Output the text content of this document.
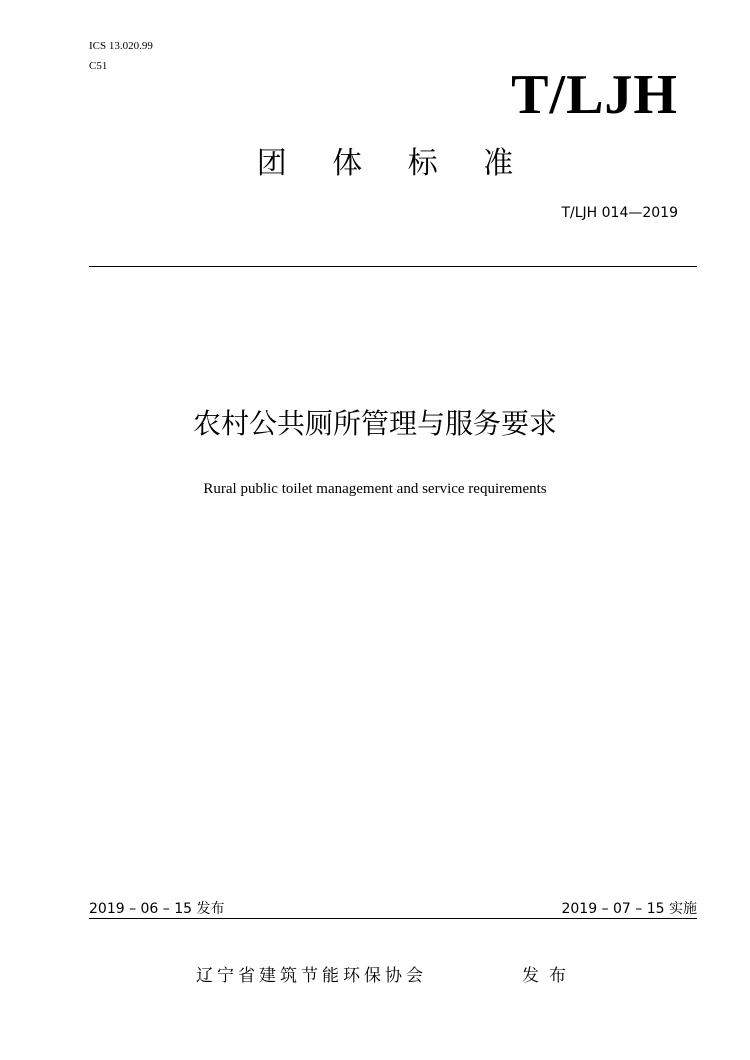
ICS 13.020.99
C51	T/LJH
团 体 标 准
T/LJH 014—2019
农村公共厕所管理与服务要求
Rural public toilet management and service requirements
2019 – 06 – 15 发布	2019 – 07 – 15 实施
辽宁省建筑节能环保协会	发布
